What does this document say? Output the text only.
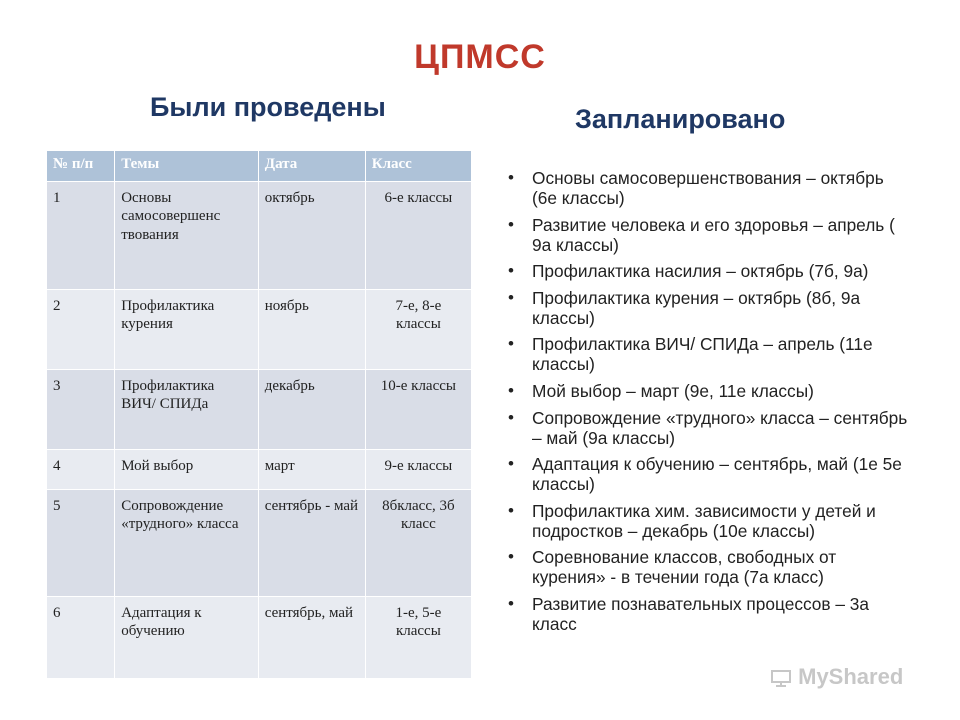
ЦПМСС
Были проведены	Запланировано
№ п/п	Темы	Дата	Класс
1	Основы самосовершенс твования	октябрь	6-е классы
2	Профилактика курения	ноябрь	7-е, 8-е классы
3	Профилактика ВИЧ/ СПИДа	декабрь	10-е классы
4	Мой выбор	март	9-е классы
5	Сопровождение «трудного» класса	сентябрь - май	8бкласс, 3б класс
6	Адаптация к обучению	сентябрь, май	1-е, 5-е классы
• Основы самосовершенствования – октябрь (6е классы)
• Развитие человека и его здоровья – апрель ( 9а классы)
• Профилактика насилия – октябрь (7б, 9а)
• Профилактика курения – октябрь (8б, 9а классы)
• Профилактика ВИЧ/ СПИДа – апрель (11е классы)
• Мой выбор – март (9е, 11е классы)
• Сопровождение «трудного» класса – сентябрь – май (9а классы)
• Адаптация к обучению – сентябрь, май (1е 5е классы)
• Профилактика хим. зависимости у детей и подростков – декабрь (10е классы)
• Соревнование классов, свободных от курения» - в течении года (7а класс)
• Развитие познавательных процессов – 3а класс
MyShared
